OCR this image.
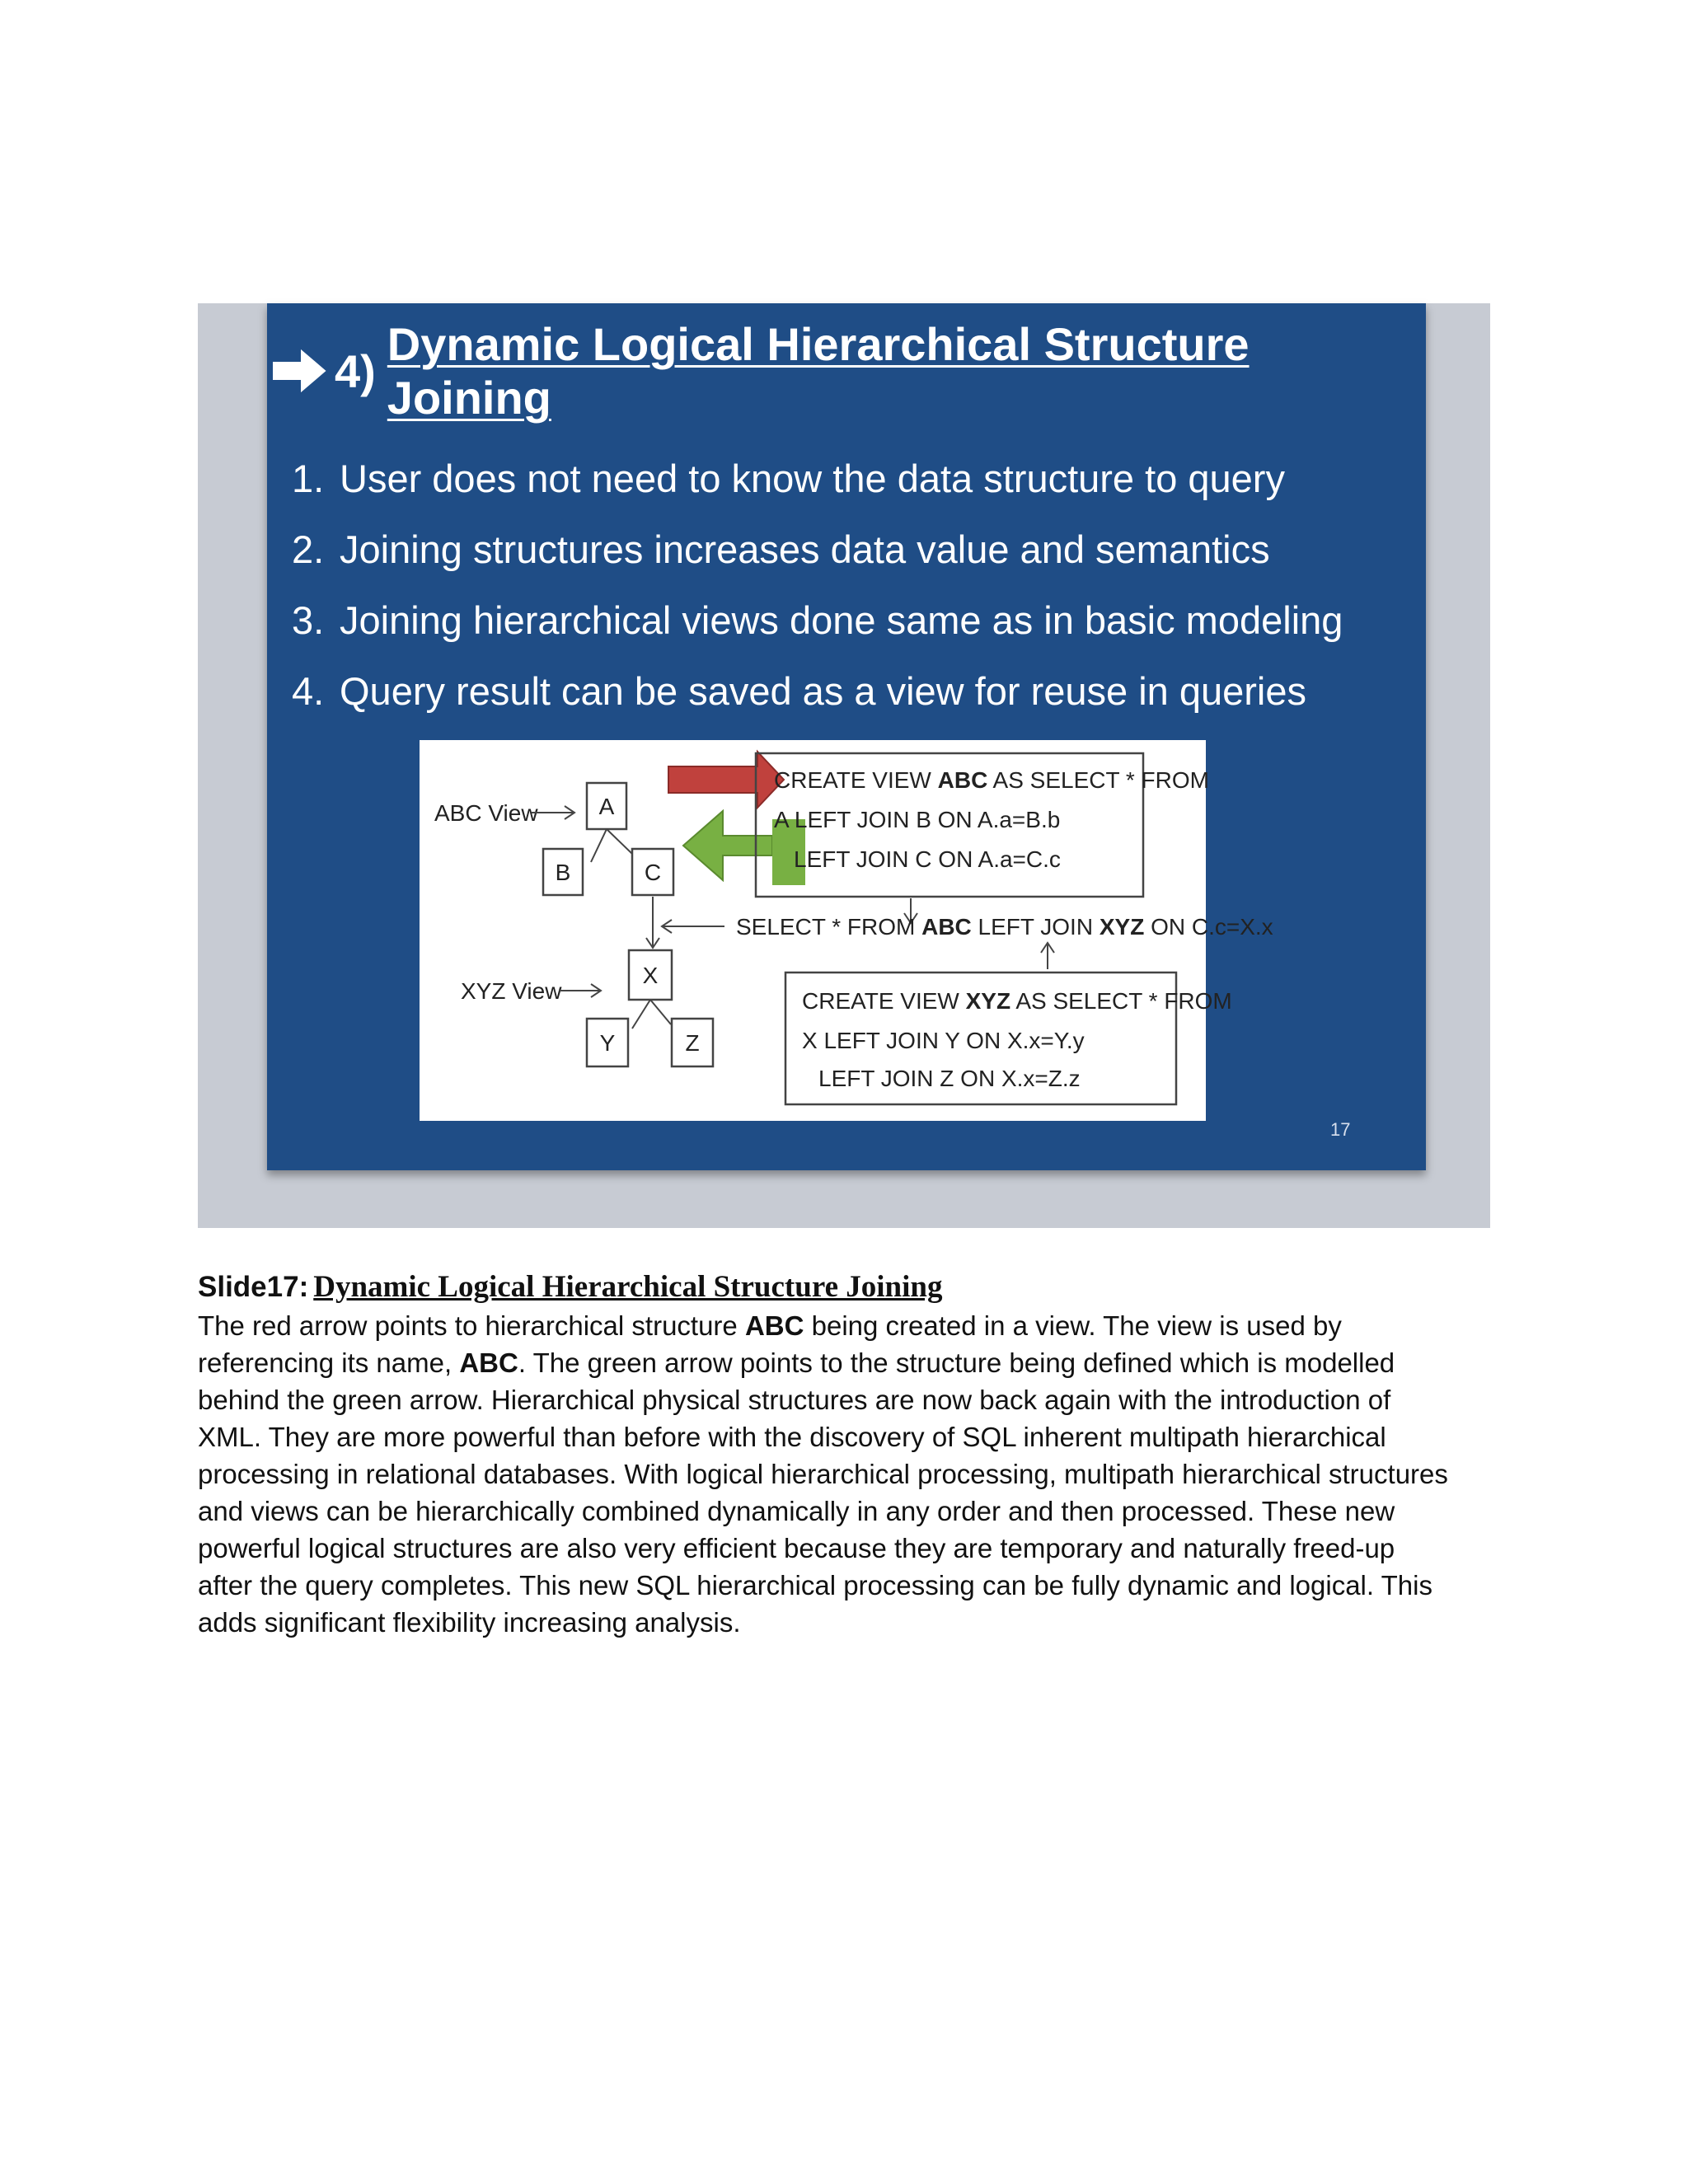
4)
Dynamic Logical Hierarchical Structure Joining
1. User does not need to know the data structure to query
2. Joining structures increases data value and semantics
3. Joining hierarchical views done same as in basic modeling
4. Query result can be saved as a view for reuse in queries
ABC View	A
B	C
X
Y	Z
XYZ View
CREATE VIEW ABC AS SELECT * FROM
A LEFT JOIN B ON A.a=B.b
LEFT JOIN C ON A.a=C.c
SELECT * FROM ABC LEFT JOIN XYZ ON C.c=X.x
CREATE VIEW XYZ AS SELECT * FROM
X LEFT JOIN Y ON X.x=Y.y
LEFT JOIN Z ON X.x=Z.z
17
Slide17: Dynamic Logical Hierarchical Structure Joining
The red arrow points to hierarchical structure ABC being created in a view. The view is used by
referencing its name, ABC. The green arrow points to the structure being defined which is modelled
behind the green arrow. Hierarchical physical structures are now back again with the introduction of
XML. They are more powerful than before with the discovery of SQL inherent multipath hierarchical
processing in relational databases. With logical hierarchical processing, multipath hierarchical structures
and views can be hierarchically combined dynamically in any order and then processed. These new
powerful logical structures are also very efficient because they are temporary and naturally freed-up
after the query completes. This new SQL hierarchical processing can be fully dynamic and logical. This
adds significant flexibility increasing analysis.
